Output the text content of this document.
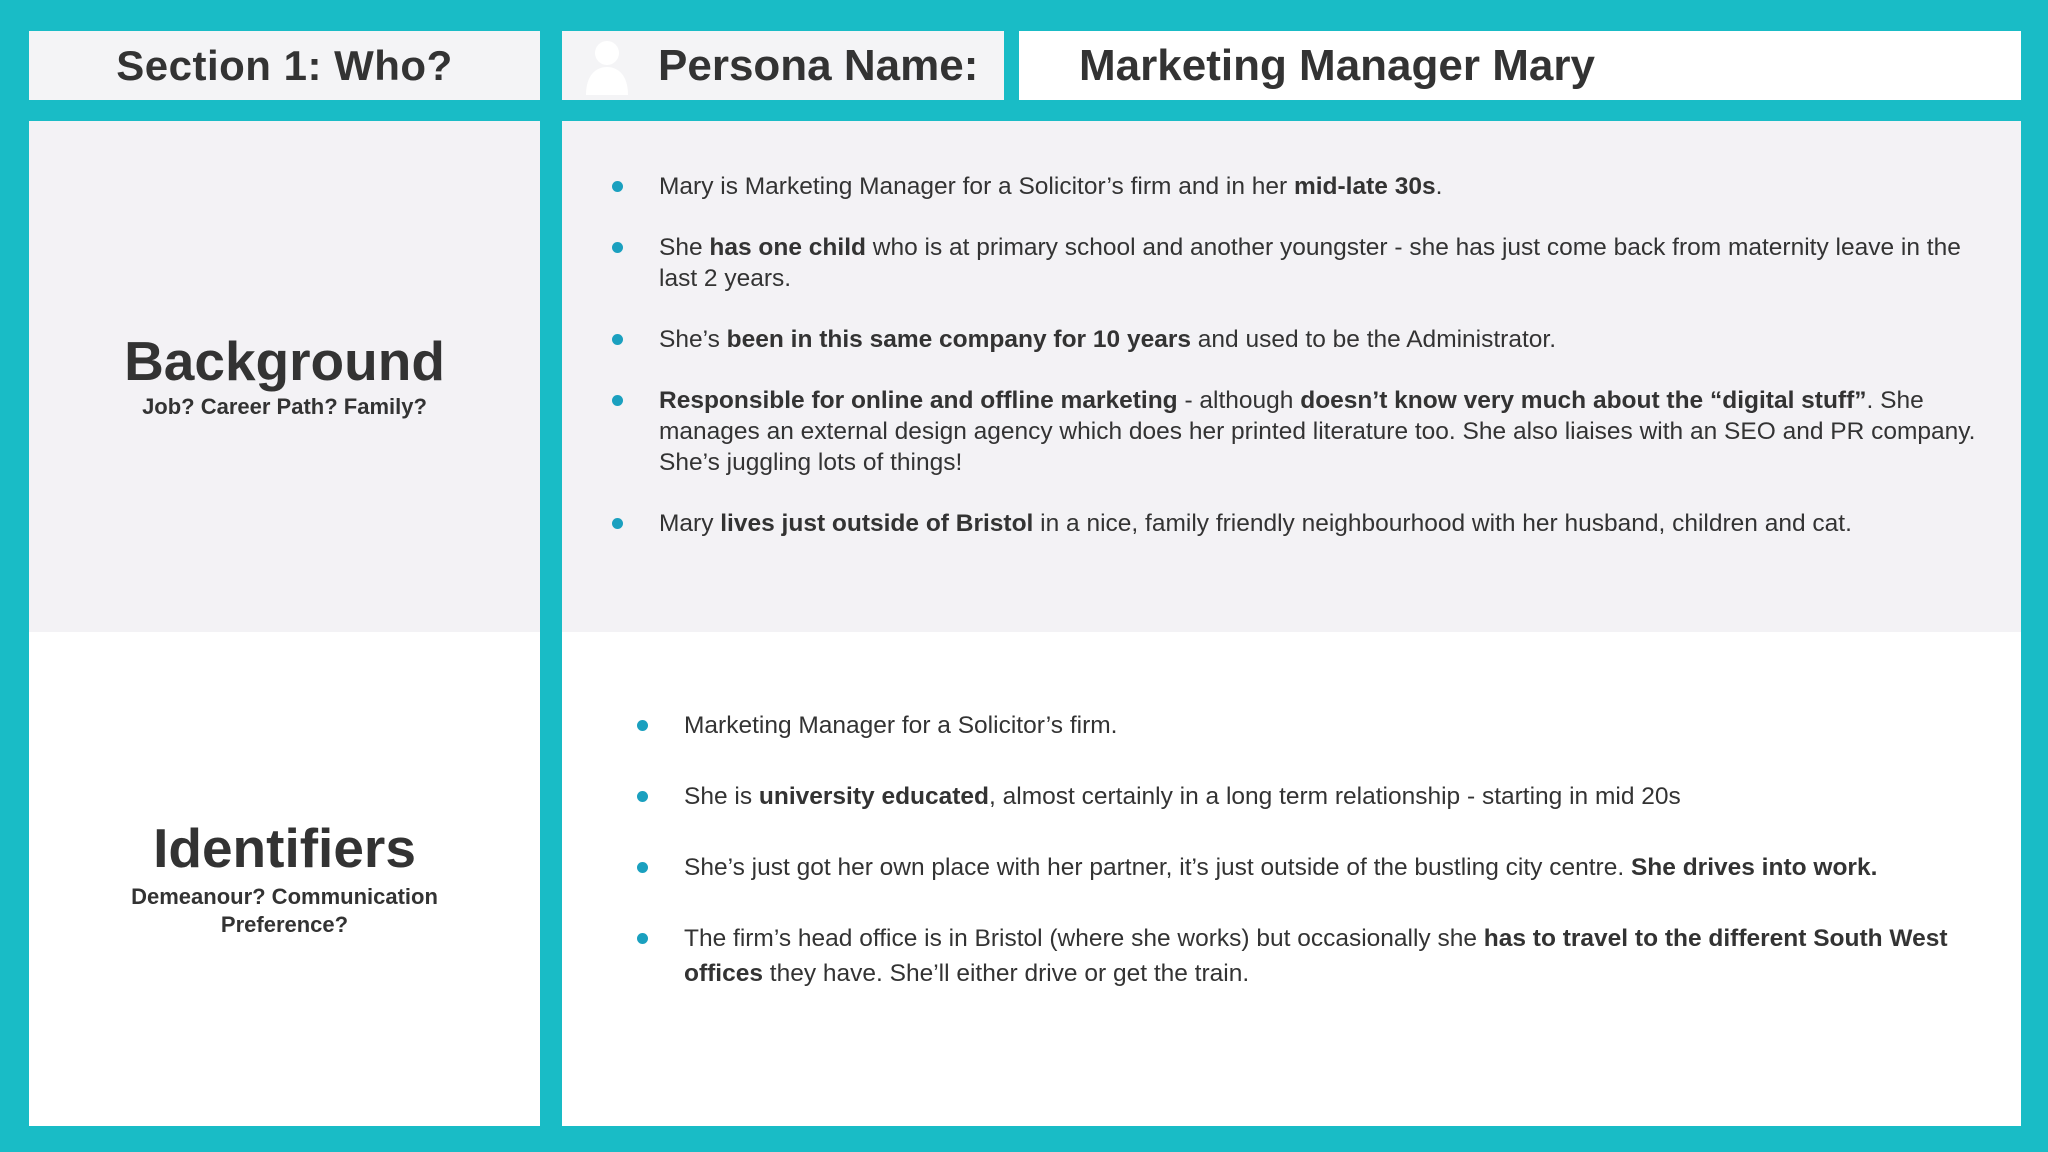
Section 1: Who?	Persona Name: Marketing Manager Mary
Background
Job? Career Path? Family?
Mary is Marketing Manager for a Solicitor’s firm and in her mid-late 30s.
She has one child who is at primary school and another youngster - she has just come back from maternity leave in the last 2 years.
She’s been in this same company for 10 years and used to be the Administrator.
Responsible for online and offline marketing - although doesn’t know very much about the “digital stuff”. She manages an external design agency which does her printed literature too. She also liaises with an SEO and PR company. She’s juggling lots of things!
Mary lives just outside of Bristol in a nice, family friendly neighbourhood with her husband, children and cat.
Identifiers
Demeanour? Communication Preference?
Marketing Manager for a Solicitor’s firm.
She is university educated, almost certainly in a long term relationship - starting in mid 20s
She’s just got her own place with her partner, it’s just outside of the bustling city centre. She drives into work.
The firm’s head office is in Bristol (where she works) but occasionally she has to travel to the different South West offices they have. She’ll either drive or get the train.
